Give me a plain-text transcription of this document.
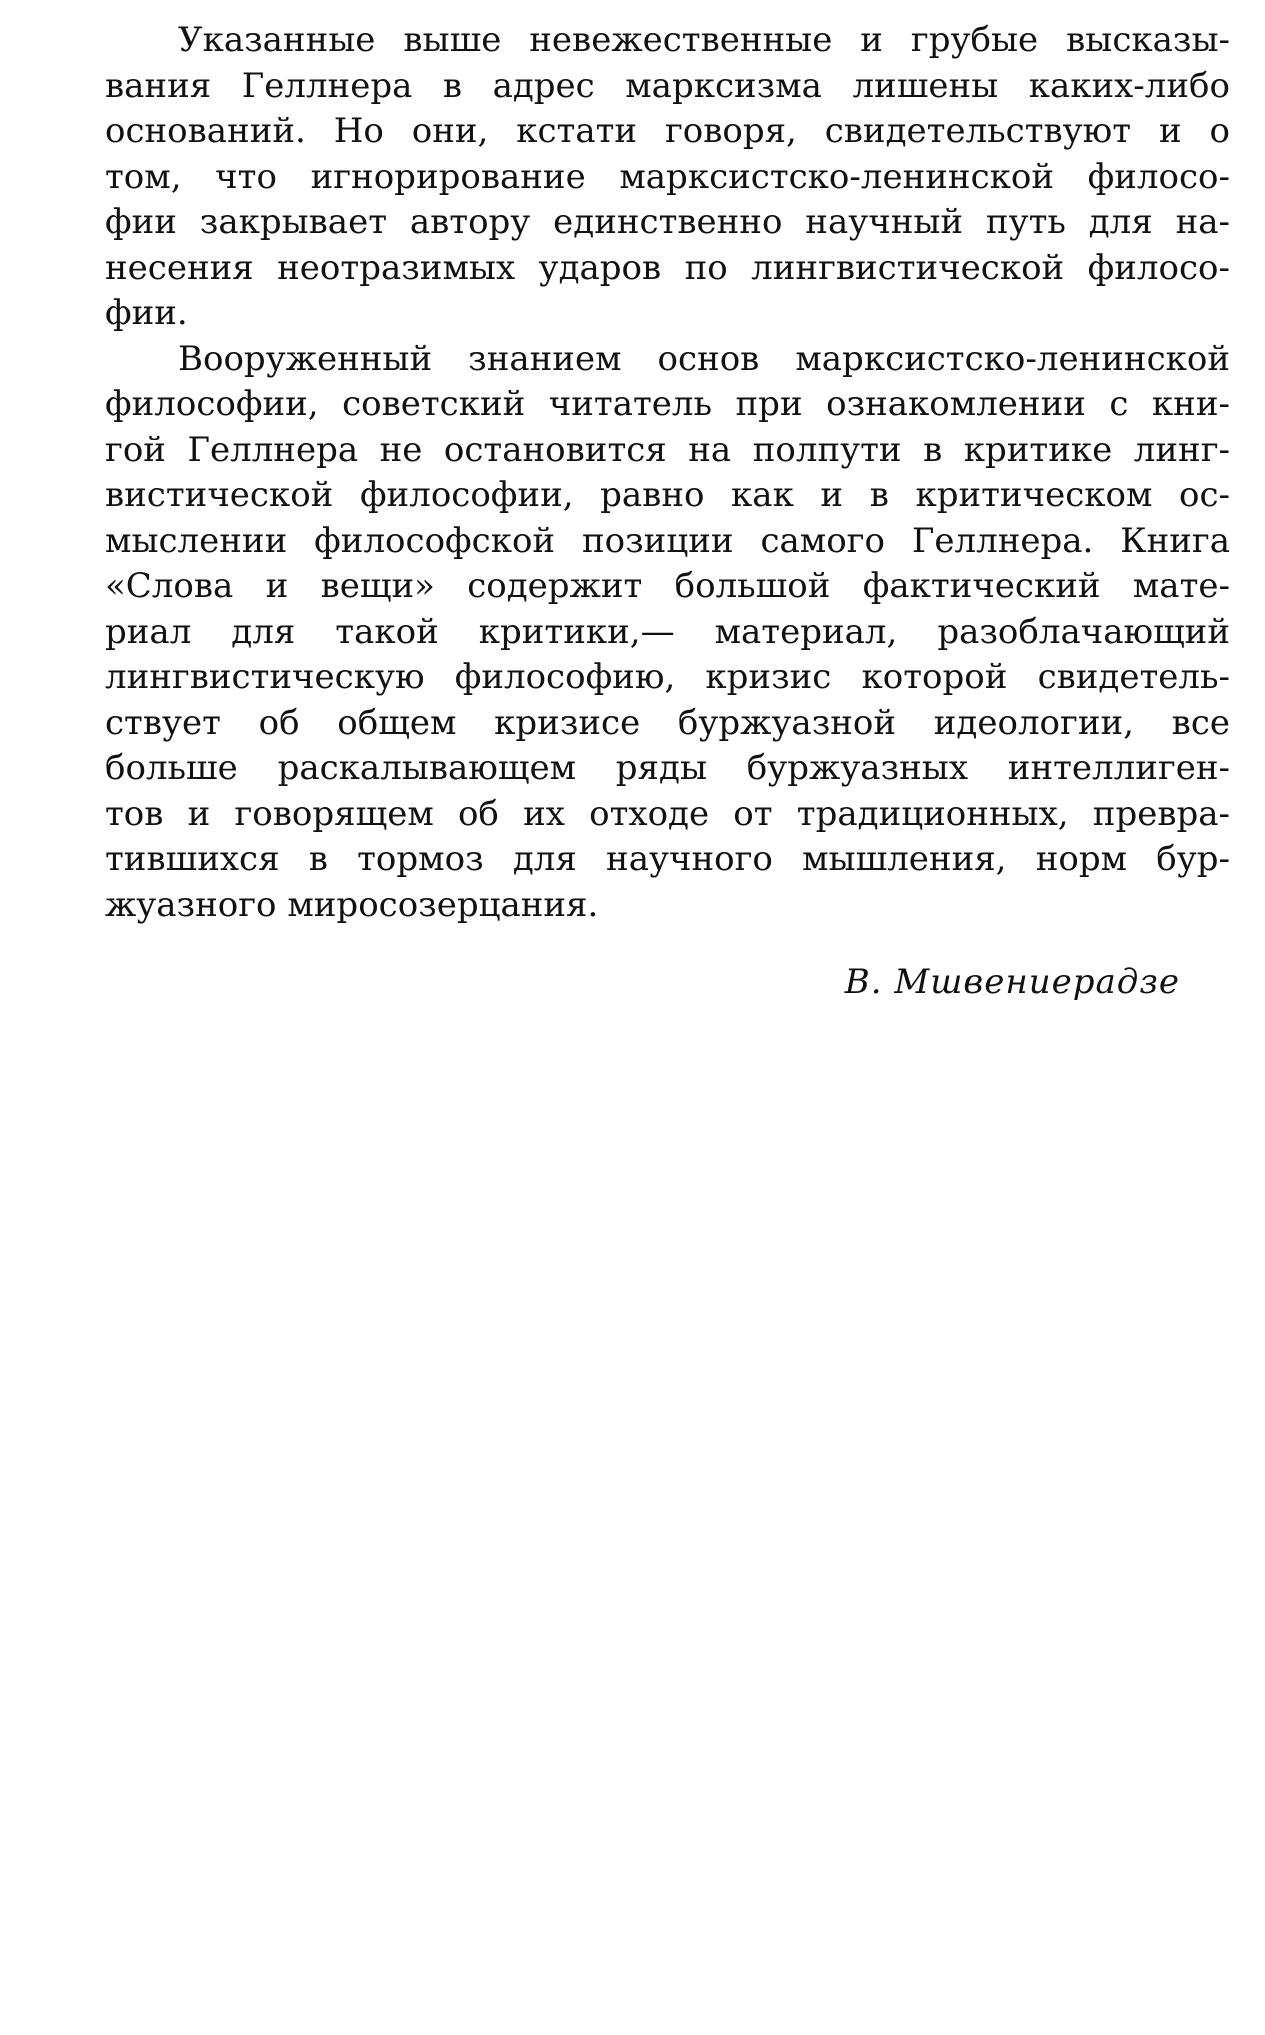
Указанные выше невежественные и грубые высказы-
вания Геллнера в адрес марксизма лишены каких-либо
оснований. Но они, кстати говоря, свидетельствуют и о
том, что игнорирование марксистско-ленинской филосо-
фии закрывает автору единственно научный путь для на-
несения неотразимых ударов по лингвистической филосо-
фии.
Вооруженный знанием основ марксистско-ленинской
философии, советский читатель при ознакомлении с кни-
гой Геллнера не остановится на полпути в критике линг-
вистической философии, равно как и в критическом ос-
мыслении философской позиции самого Геллнера. Книга
«Слова и вещи» содержит большой фактический мате-
риал для такой критики,— материал, разоблачающий
лингвистическую философию, кризис которой свидетель-
ствует об общем кризисе буржуазной идеологии, все
больше раскалывающем ряды буржуазных интеллиген-
тов и говорящем об их отходе от традиционных, превра-
тившихся в тормоз для научного мышления, норм бур-
жуазного миросозерцания.
В. Мшвениерадзе
